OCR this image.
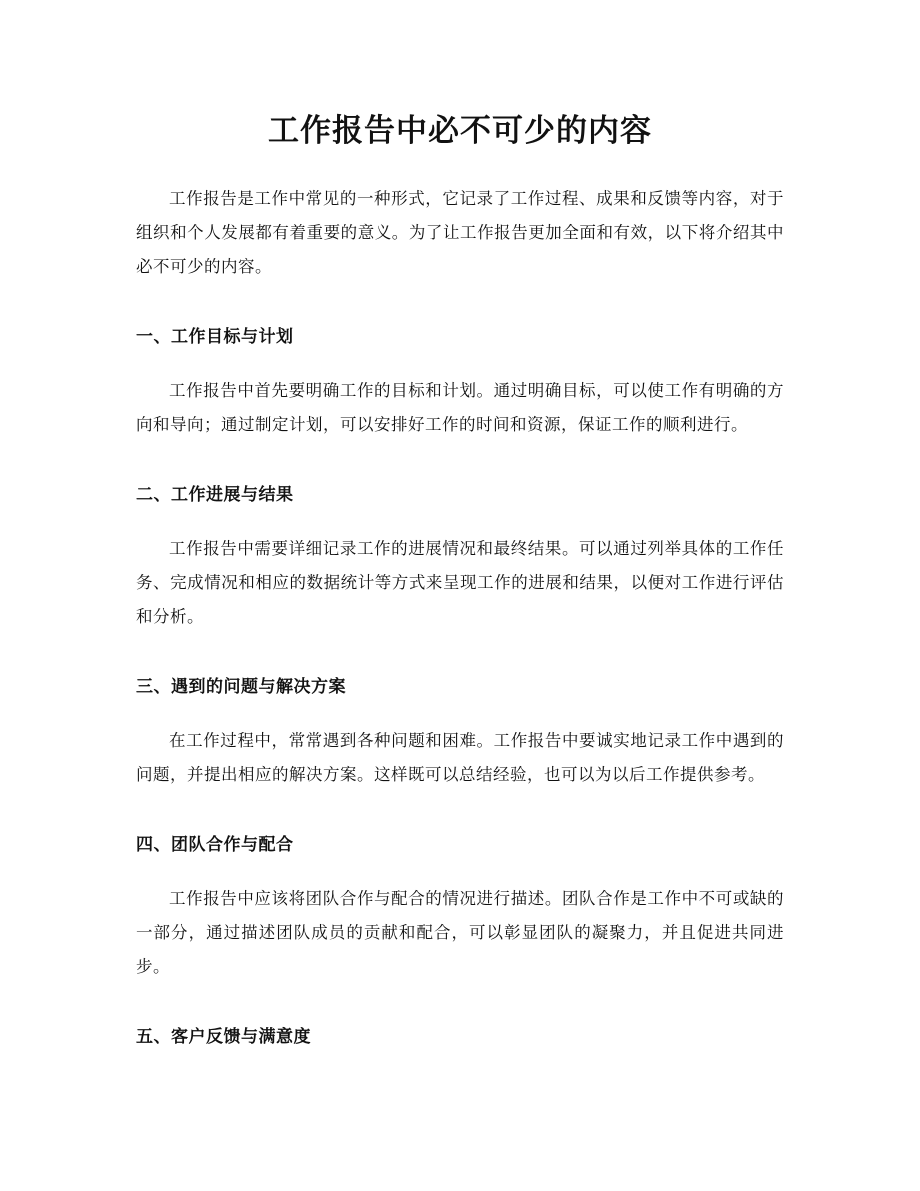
工作报告中必不可少的内容

工作报告是工作中常见的一种形式，它记录了工作过程、成果和反馈等内容，对于组织和个人发展都有着重要的意义。为了让工作报告更加全面和有效，以下将介绍其中必不可少的内容。

一、工作目标与计划

工作报告中首先要明确工作的目标和计划。通过明确目标，可以使工作有明确的方向和导向；通过制定计划，可以安排好工作的时间和资源，保证工作的顺利进行。

二、工作进展与结果

工作报告中需要详细记录工作的进展情况和最终结果。可以通过列举具体的工作任务、完成情况和相应的数据统计等方式来呈现工作的进展和结果，以便对工作进行评估和分析。

三、遇到的问题与解决方案

在工作过程中，常常遇到各种问题和困难。工作报告中要诚实地记录工作中遇到的问题，并提出相应的解决方案。这样既可以总结经验，也可以为以后工作提供参考。

四、团队合作与配合

工作报告中应该将团队合作与配合的情况进行描述。团队合作是工作中不可或缺的一部分，通过描述团队成员的贡献和配合，可以彰显团队的凝聚力，并且促进共同进步。

五、客户反馈与满意度
